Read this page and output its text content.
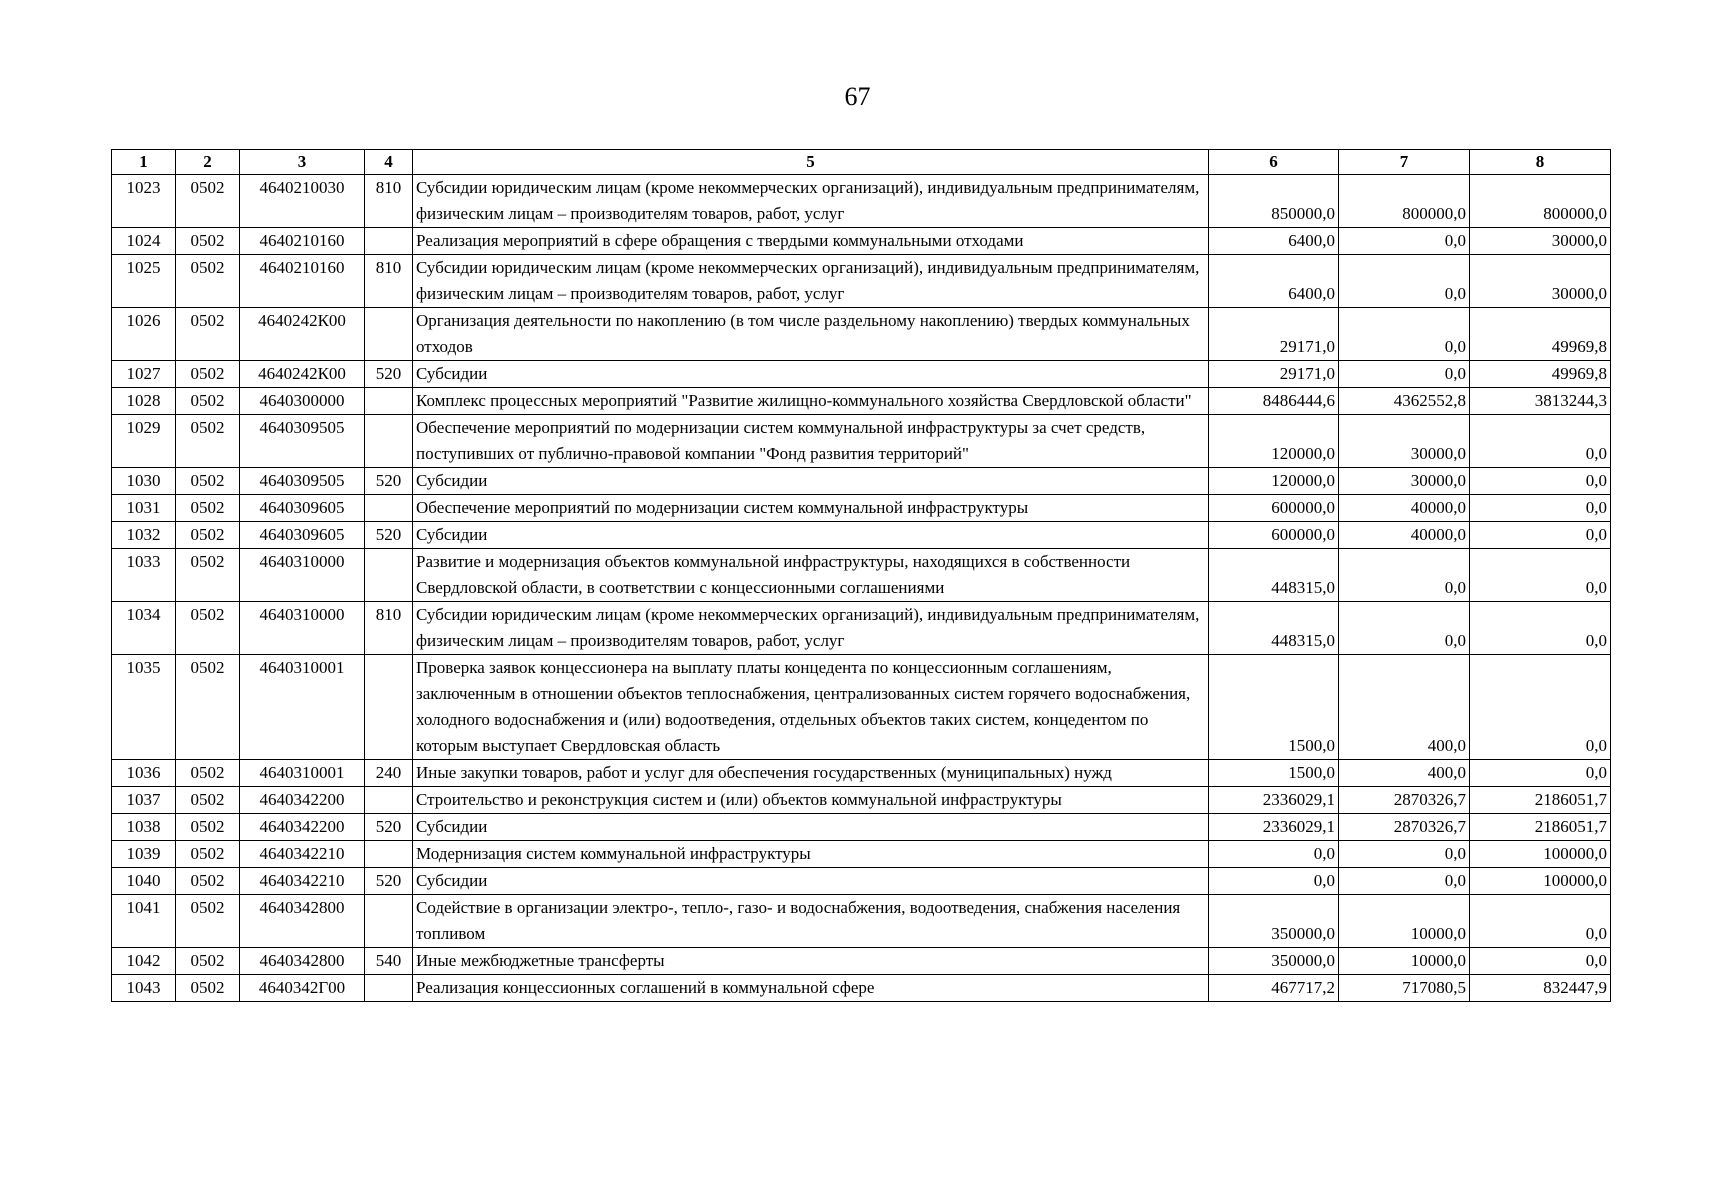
67
1	2	3	4	5	6	7	8
1023	0502	4640210030	810	Субсидии юридическим лицам (кроме некоммерческих организаций), индивидуальным предпринимателям, физическим лицам – производителям товаров, работ, услуг	850000,0	800000,0	800000,0
1024	0502	4640210160		Реализация мероприятий в сфере обращения с твердыми коммунальными отходами	6400,0	0,0	30000,0
1025	0502	4640210160	810	Субсидии юридическим лицам (кроме некоммерческих организаций), индивидуальным предпринимателям, физическим лицам – производителям товаров, работ, услуг	6400,0	0,0	30000,0
1026	0502	4640242К00		Организация деятельности по накоплению (в том числе раздельному накоплению) твердых коммунальных отходов	29171,0	0,0	49969,8
1027	0502	4640242К00	520	Субсидии	29171,0	0,0	49969,8
1028	0502	4640300000		Комплекс процессных мероприятий "Развитие жилищно-коммунального хозяйства Свердловской области"	8486444,6	4362552,8	3813244,3
1029	0502	4640309505		Обеспечение мероприятий по модернизации систем коммунальной инфраструктуры за счет средств, поступивших от публично-правовой компании "Фонд развития территорий"	120000,0	30000,0	0,0
1030	0502	4640309505	520	Субсидии	120000,0	30000,0	0,0
1031	0502	4640309605		Обеспечение мероприятий по модернизации систем коммунальной инфраструктуры	600000,0	40000,0	0,0
1032	0502	4640309605	520	Субсидии	600000,0	40000,0	0,0
1033	0502	4640310000		Развитие и модернизация объектов коммунальной инфраструктуры, находящихся в собственности Свердловской области, в соответствии с концессионными соглашениями	448315,0	0,0	0,0
1034	0502	4640310000	810	Субсидии юридическим лицам (кроме некоммерческих организаций), индивидуальным предпринимателям, физическим лицам – производителям товаров, работ, услуг	448315,0	0,0	0,0
1035	0502	4640310001		Проверка заявок концессионера на выплату платы концедента по концессионным соглашениям, заключенным в отношении объектов теплоснабжения, централизованных систем горячего водоснабжения, холодного водоснабжения и (или) водоотведения, отдельных объектов таких систем, концедентом по которым выступает Свердловская область	1500,0	400,0	0,0
1036	0502	4640310001	240	Иные закупки товаров, работ и услуг для обеспечения государственных (муниципальных) нужд	1500,0	400,0	0,0
1037	0502	4640342200		Строительство и реконструкция систем и (или) объектов коммунальной инфраструктуры	2336029,1	2870326,7	2186051,7
1038	0502	4640342200	520	Субсидии	2336029,1	2870326,7	2186051,7
1039	0502	4640342210		Модернизация систем коммунальной инфраструктуры	0,0	0,0	100000,0
1040	0502	4640342210	520	Субсидии	0,0	0,0	100000,0
1041	0502	4640342800		Содействие в организации электро-, тепло-, газо- и водоснабжения, водоотведения, снабжения населения топливом	350000,0	10000,0	0,0
1042	0502	4640342800	540	Иные межбюджетные трансферты	350000,0	10000,0	0,0
1043	0502	4640342Г00		Реализация концессионных соглашений в коммунальной сфере	467717,2	717080,5	832447,9
